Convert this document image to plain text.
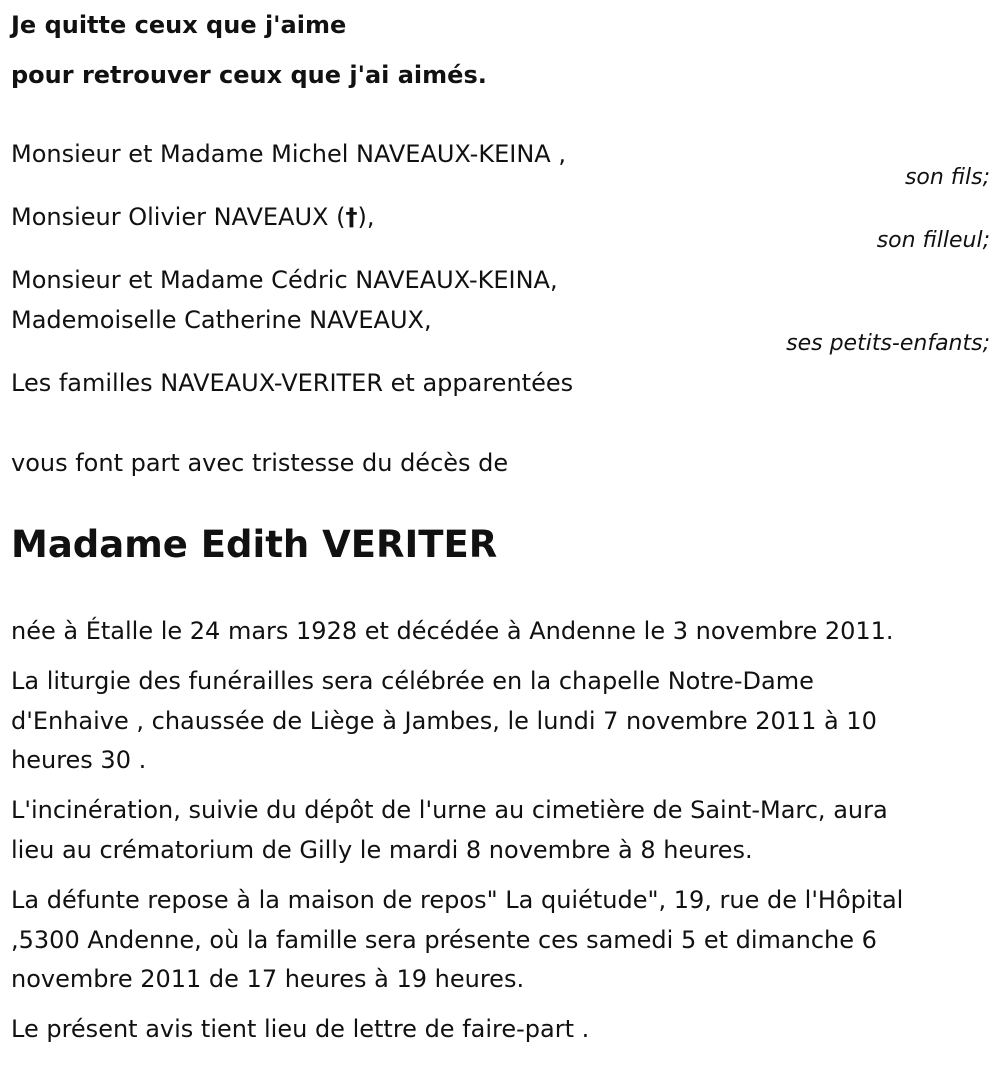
Je quitte ceux que j'aime
pour retrouver ceux que j'ai aimés.
Monsieur et Madame Michel NAVEAUX-KEINA ,
son fils;
Monsieur Olivier NAVEAUX (†),
son filleul;
Monsieur et Madame Cédric NAVEAUX-KEINA,
Mademoiselle Catherine NAVEAUX,
ses petits-enfants;
Les familles NAVEAUX-VERITER et apparentées
vous font part avec tristesse du décès de
Madame Edith VERITER
née à Étalle le 24 mars 1928 et décédée à Andenne le 3 novembre 2011.
La liturgie des funérailles sera célébrée en la chapelle Notre-Dame
d'Enhaive , chaussée de Liège à Jambes, le lundi 7 novembre 2011 à 10
heures 30 .
L'incinération, suivie du dépôt de l'urne au cimetière de Saint-Marc, aura
lieu au crématorium de Gilly le mardi 8 novembre à 8 heures.
La défunte repose à la maison de repos" La quiétude", 19, rue de l'Hôpital
,5300 Andenne, où la famille sera présente ces samedi 5 et dimanche 6
novembre 2011 de 17 heures à 19 heures.
Le présent avis tient lieu de lettre de faire-part .
